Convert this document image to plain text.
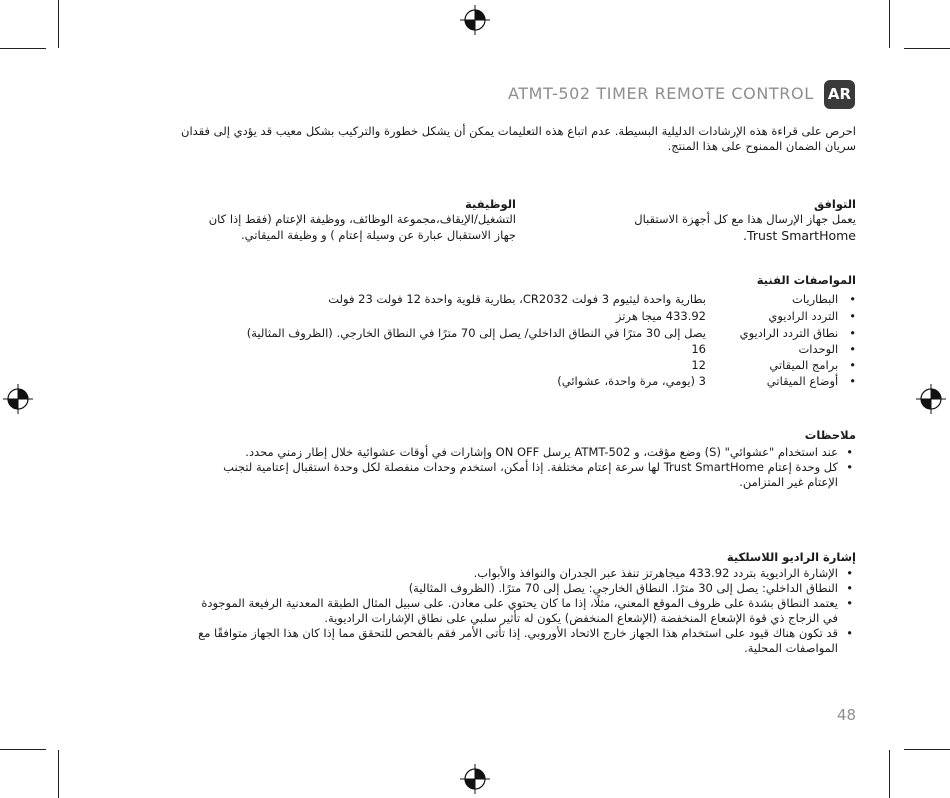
ATMT-502 TIMER REMOTE CONTROL AR
احرص على قراءة هذه الإرشادات الدليلية البسيطة. عدم اتباع هذه التعليمات يمكن أن يشكل خطورة والتركيب بشكل معيب قد يؤدي إلى فقدان سريان الضمان الممنوح على هذا المنتج.
التوافق
يعمل جهاز الإرسال هذا مع كل أجهزة الاستقبال
Trust SmartHome.
الوظيفية
التشغيل/الإيقاف،مجموعة الوظائف، ووظيفة الإعتام (فقط إذا كان
جهاز الاستقبال عبارة عن وسيلة إعتام ) و وظيفة الميقاتي.
المواصفات الفنية
•   البطاريات
بطارية واحدة ليثيوم 3 فولت CR2032، بطارية قلوية واحدة 12 فولت 23 فولت
•   التردد الراديوي
433.92 ميجا هرتز
•   نطاق التردد الراديوي
يصل إلى 30 مترًا في النطاق الداخلي/ يصل إلى 70 مترًا في النطاق الخارجي. (الظروف المثالية)
•   الوحدات
16
•   برامج الميقاتي
12
•   أوضاع الميقاتي
3 (يومي، مرة واحدة، عشوائي)
ملاحظات
• عند استخدام "عشوائي" (S) وضع مؤقت، و ATMT-502 يرسل ON OFF وإشارات في أوقات عشوائية خلال إطار زمني محدد.
• كل وحدة إعتام Trust SmartHome لها سرعة إعتام مختلفة. إذا أمكن، استخدم وحدات منفصلة لكل وحدة استقبال إعتامية لتجنب الإعتام غير المتزامن.
إشارة الراديو اللاسلكية
• الإشارة الراديوية بتردد 433.92 ميجاهرتز تنفذ عبر الجدران والنوافذ والأبواب.
• النطاق الداخلي: يصل إلى 30 مترًا. النطاق الخارجي: يصل إلى 70 مترًا. (الظروف المثالية)
• يعتمد النطاق بشدة على ظروف الموقع المعني، مثلًا، إذا ما كان يحتوي على معادن. على سبيل المثال الطبقة المعدنية الرفيعة الموجودة في الزجاج ذي قوة الإشعاع المنخفضة (الإشعاع المنخفض) يكون له تأثير سلبي على نطاق الإشارات الراديوية.
• قد تكون هناك قيود على استخدام هذا الجهاز خارج الاتحاد الأوروبي. إذا تأتى الأمر فقم بالفحص للتحقق مما إذا كان هذا الجهاز متوافقًا مع المواصفات المحلية.
48
